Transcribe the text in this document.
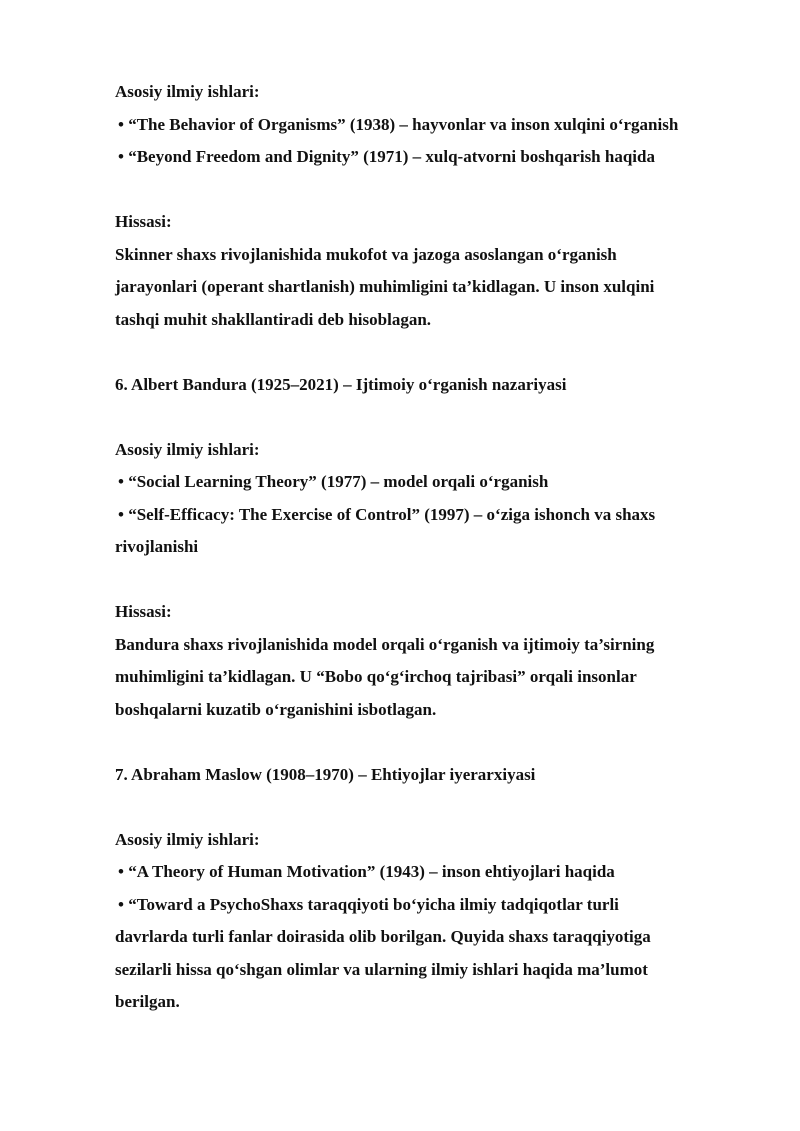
Asosiy ilmiy ishlari:
• “The Behavior of Organisms” (1938) – hayvonlar va inson xulqini o‘rganish
• “Beyond Freedom and Dignity” (1971) – xulq-atvorni boshqarish haqida
Hissasi:
Skinner shaxs rivojlanishida mukofot va jazoga asoslangan o‘rganish
jarayonlari (operant shartlanish) muhimligini ta’kidlagan. U inson xulqini
tashqi muhit shakllantiradi deb hisoblagan.
6. Albert Bandura (1925–2021) – Ijtimoiy o‘rganish nazariyasi
Asosiy ilmiy ishlari:
• “Social Learning Theory” (1977) – model orqali o‘rganish
• “Self-Efficacy: The Exercise of Control” (1997) – o‘ziga ishonch va shaxs
rivojlanishi
Hissasi:
Bandura shaxs rivojlanishida model orqali o‘rganish va ijtimoiy ta’sirning
muhimligini ta’kidlagan. U “Bobo qo‘g‘irchoq tajribasi” orqali insonlar
boshqalarni kuzatib o‘rganishini isbotlagan.
7. Abraham Maslow (1908–1970) – Ehtiyojlar iyerarxiyasi
Asosiy ilmiy ishlari:
• “A Theory of Human Motivation” (1943) – inson ehtiyojlari haqida
• “Toward a PsychoShaxs taraqqiyoti bo‘yicha ilmiy tadqiqotlar turli
davrlarda turli fanlar doirasida olib borilgan. Quyida shaxs taraqqiyotiga
sezilarli hissa qo‘shgan olimlar va ularning ilmiy ishlari haqida ma’lumot
berilgan.
